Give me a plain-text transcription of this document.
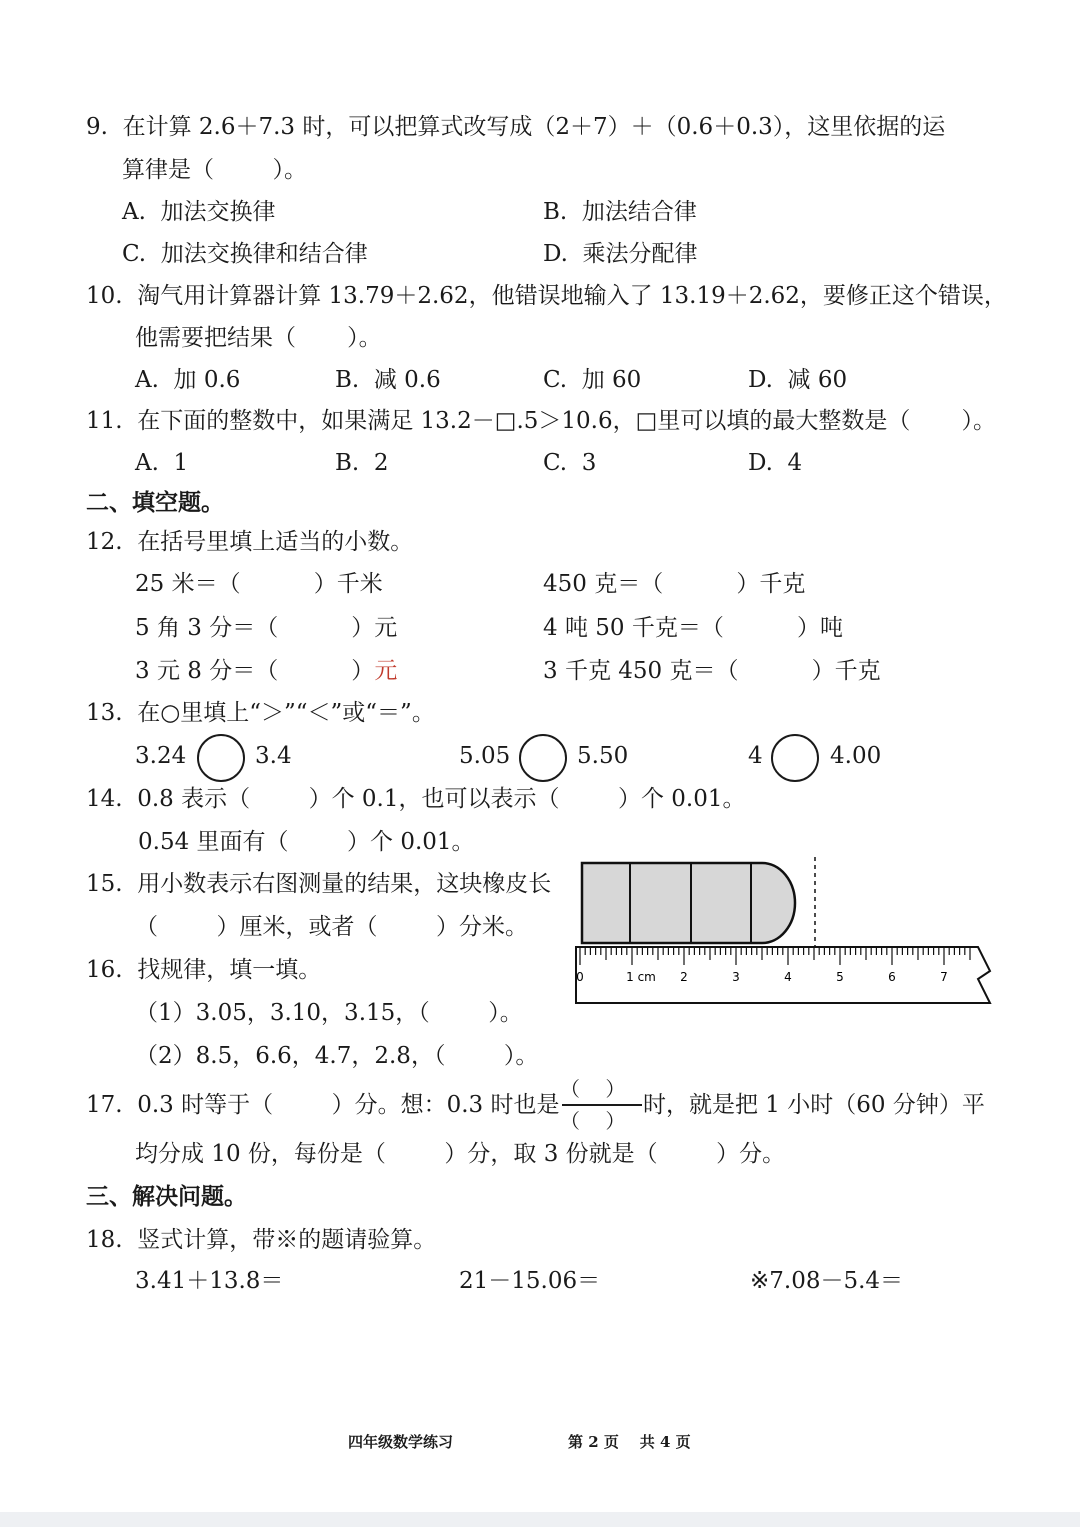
9.  在计算 2.6＋7.3 时，可以把算式改写成（2＋7）＋（0.6＋0.3），这里依据的运
算律是（        ）。
A.  加法交换律	B.  加法结合律
C.  加法交换律和结合律	D.  乘法分配律
10.  淘气用计算器计算 13.79＋2.62，他错误地输入了 13.19＋2.62，要修正这个错误，
他需要把结果（       ）。
A.  加 0.6	B.  减 0.6	C.  加 60	D.  减 60
11.  在下面的整数中，如果满足 13.2－□.5＞10.6，□里可以填的最大整数是（       ）。
A.  1	B.  2	C.  3	D.  4
二、填空题。
12.  在括号里填上适当的小数。
25 米＝（          ）千米	450 克＝（          ）千克
5 角 3 分＝（          ）元	4 吨 50 千克＝（          ）吨
3 元 8 分＝（          ）元	3 千克 450 克＝（          ）千克
13.  在○里填上“＞”“＜”或“＝”。
3.24	3.4	5.05	5.50	4	4.00
14.  0.8 表示（        ）个 0.1，也可以表示（        ）个 0.01。
0.54 里面有（        ）个 0.01。
15.  用小数表示右图测量的结果，这块橡皮长
（        ）厘米，或者（        ）分米。
0	1 cm 2	3	4	5	6	7
16.  找规律，填一填。
（1）3.05，3.10，3.15，（        ）。
（2）8.5，6.6，4.7，2.8，（        ）。
17.  0.3 时等于（        ）分。想：0.3 时也是
（    ）
（    ）
时，就是把 1 小时（60 分钟）平
均分成 10 份，每份是（        ）分，取 3 份就是（        ）分。
三、解决问题。
18.  竖式计算，带※的题请验算。
3.41＋13.8＝	21－15.06＝	※7.08－5.4＝
四年级数学练习	第 2 页    共 4 页
